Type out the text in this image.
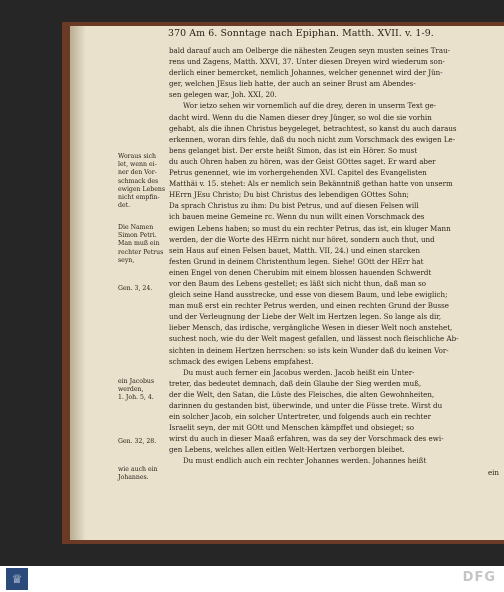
370 Am 6. Sonntage nach Epiphan. Matth. XVII. v. 1-9.
bald darauf auch am Oelberge die nähesten Zeugen seyn musten seines Trau-
rens und Zagens, Matth. XXVI, 37. Unter diesen Dreyen wird wiederum son-
derlich einer bemercket, nemlich Johannes, welcher genennet wird der Jün-
ger, welchen JEsus lieb hatte, der auch an seiner Brust am Abendes-
sen gelegen war, Joh. XXI, 20.
Wor ietzo sehen wir vornemlich auf die drey, deren in unserm Text ge-
dacht wird. Wenn du die Namen dieser drey Jünger, so wol die sie vorhin
gehabt, als die ihnen Christus beygeleget, betrachtest, so kanst du auch daraus
erkennen, woran dirs fehle, daß du noch nicht zum Vorschmack des ewigen Le-
bens gelanget bist. Der erste heißt Simon, das ist ein Hörer. So must
du auch Ohren haben zu hören, was der Geist GOttes saget. Er ward aber
Petrus genennet, wie im vorhergehenden XVI. Capitel des Evangelisten
Matthäi v. 15. stehet: Als er nemlich sein Bekänntniß gethan hatte von unserm
HErrn JEsu Christo; Du bist Christus des lebendigen GOttes Sohn;
Da sprach Christus zu ihm: Du bist Petrus, und auf diesen Felsen will
ich bauen meine Gemeine rc. Wenn du nun willt einen Vorschmack des
ewigen Lebens haben; so must du ein rechter Petrus, das ist, ein kluger Mann
werden, der die Worte des HErrn nicht nur höret, sondern auch thut, und
sein Haus auf einen Felsen bauet, Matth. VII, 24.) und einen starcken
festen Grund in deinem Christenthum legen. Siehe! GOtt der HErr hat
einen Engel von denen Cherubim mit einem blossen hauenden Schwerdt
vor den Baum des Lebens gestellet; es läßt sich nicht thun, daß man so
gleich seine Hand ausstrecke, und esse von diesem Baum, und lebe ewiglich;
man muß erst ein rechter Petrus werden, und einen rechten Grund der Busse
und der Verleugnung der Liebe der Welt im Hertzen legen. So lange als dir,
lieber Mensch, das irdische, vergängliche Wesen in dieser Welt noch anstehet,
suchest noch, wie du der Welt magest gefallen, und lässest noch fleischliche Ab-
sichten in deinem Hertzen herrschen: so ists kein Wunder daß du keinen Vor-
schmack des ewigen Lebens empfahest.
Du must auch ferner ein Jacobus werden. Jacob heißt ein Unter-
treter, das bedeutet demnach, daß dein Glaube der Sieg werden muß,
der die Welt, den Satan, die Lüste des Fleisches, die alten Gewohnheiten,
darinnen du gestanden bist, überwinde, und unter die Füsse trete. Wirst du
ein solcher Jacob, ein solcher Untertreter, und folgends auch ein rechter
Israelit seyn, der mit GOtt und Menschen kämpffet und obsieget; so
wirst du auch in dieser Maaß erfahren, was da sey der Vorschmack des ewi-
gen Lebens, welches allen eitlen Welt-Hertzen verborgen bleibet.
Du must endlich auch ein rechter Johannes werden. Johannes heißt
ein
Woraus sich
let, wenn ei-
ner den Vor-
schmack des
ewigen Lebens
nicht empfin-
det.
Die Namen
Simon Petri.
Man muß ein
rechter Petrus
seyn,
Gen. 3, 24.
ein Jacobus
werden,
1. Joh. 5, 4.
Gen. 32, 28.
wie auch ein
Johannes.
♕	DFG
